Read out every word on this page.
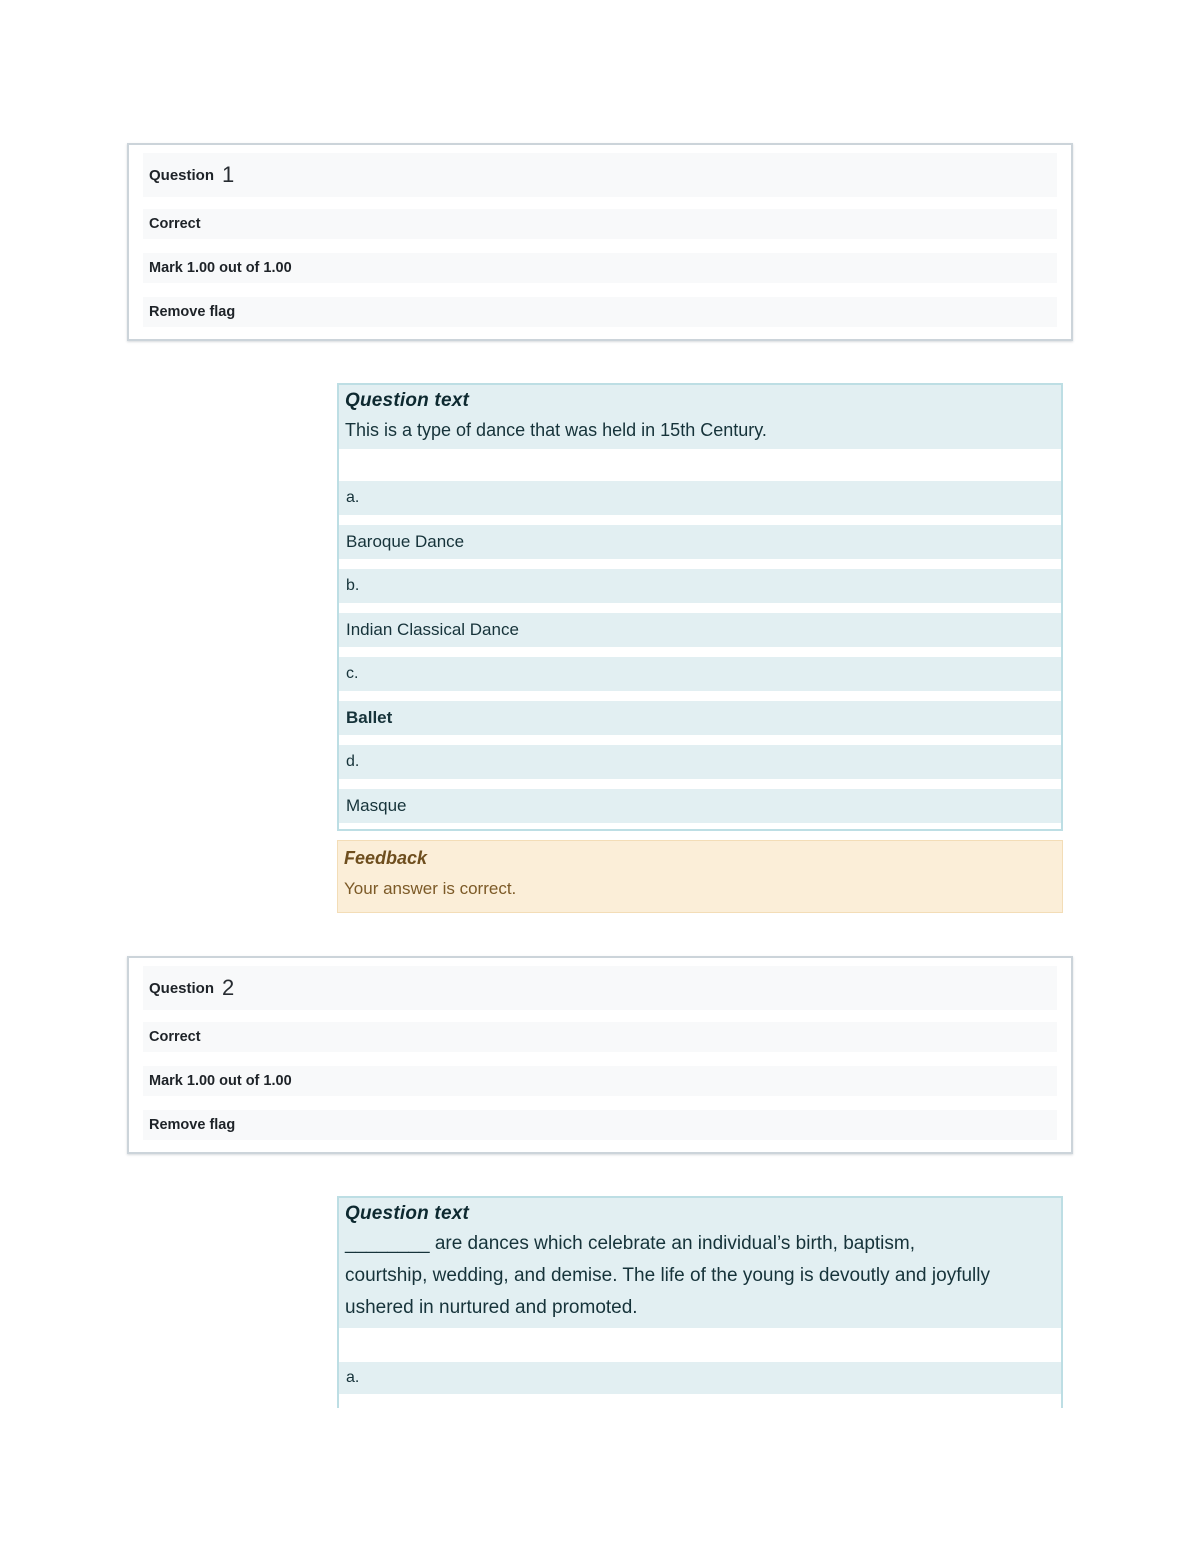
Question 1
Correct
Mark 1.00 out of 1.00
Remove flag
Question text
This is a type of dance that was held in 15th Century.
a.
Baroque Dance
b.
Indian Classical Dance
c.
Ballet
d.
Masque
Feedback
Your answer is correct.
Question 2
Correct
Mark 1.00 out of 1.00
Remove flag
Question text
________ are dances which celebrate an individual’s birth, baptism, courtship, wedding, and demise. The life of the young is devoutly and joyfully ushered in nurtured and promoted.
a.
